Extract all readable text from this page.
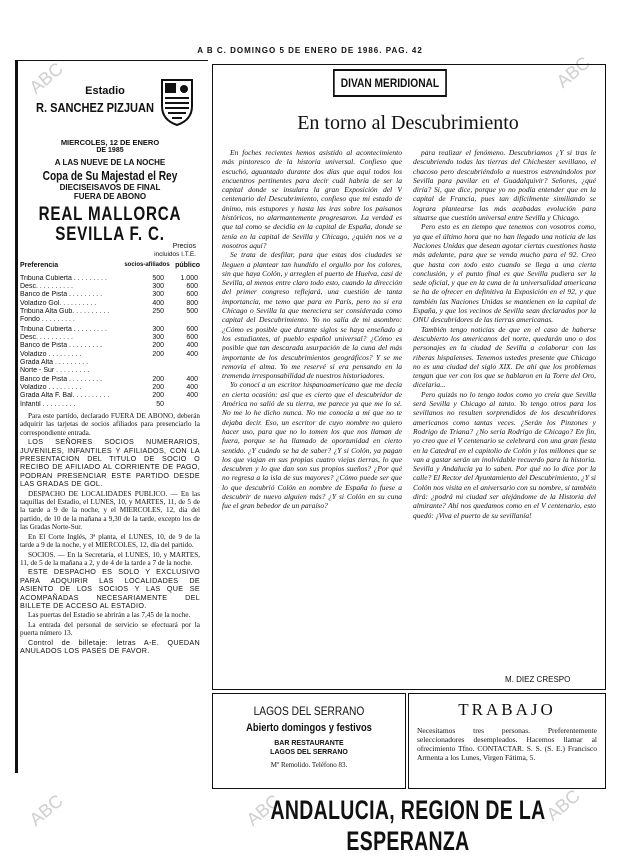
A B C. DOMINGO 5 DE ENERO DE 1986. PAG. 42
ABC	ABC
ABC	ABC	ABC
Estadio
R. SANCHEZ PIZJUAN
MIERCOLES, 12 DE ENERO
DE 1985
A LAS NUEVE DE LA NOCHE
Copa de Su Majestad el Rey
DIECISEISAVOS DE FINAL
FUERA DE ABONO
REAL MALLORCA
SEVILLA F. C.
Precios
incluidos I.T.E.
Preferencia	socios-afiliados público
Tribuna Cubierta . . . . . . . . .	500	1.000
Desc. . . . . . . . . .	300	600
Banco de Pista . . . . . . . . .	300	600
Voladizo Gol. . . . . . . . . .	400	800
Tribuna Alta Gub. . . . . . . . . .	250	500
Fondo . . . . . . . . .
Tribuna Cubierta . . . . . . . . .	300	600
Desc. . . . . . . . . .	300	600
Banco de Pista . . . . . . . . .	200	400
Voladizo . . . . . . . . .	200	400
Grada Alta . . . . . . . . .
Norte - Sur . . . . . . . . .
Banco de Pista . . . . . . . . .	200	400
Voladizo . . . . . . . . .	200	400
Grada Alta F. Bal. . . . . . . . . .	200	400
Infantil . . . . . . . . .	50

Para este partido, declarado FUERA DE ABONO, deberán adquirir las tarjetas de socios afiliados para presenciarlo la correspondiente entrada.

LOS SEÑORES SOCIOS NUMERARIOS, JUVENILES, INFANTILES Y AFILIADOS, CON LA PRESENTACION DEL TITULO DE SOCIO O RECIBO DE AFILIADO AL CORRIENTE DE PAGO, PODRAN PRESENCIAR ESTE PARTIDO DESDE LAS GRADAS DE GOL.

DESPACHO DE LOCALIDADES PUBLICO. — En las taquillas del Estadio, el LUNES, 10, y MARTES, 11, de 5 de la tarde a 9 de la noche, y el MIERCOLES, 12, día del partido, de 10 de la mañana a 9,30 de la tarde, excepto los de las Gradas Norte-Sur.

En El Corte Inglés, 3ª planta, el LUNES, 10, de 9 de la tarde a 9 de la noche, y el MIERCOLES, 12, día del partido.

SOCIOS. — En la Secretaría, el LUNES, 10, y MARTES, 11, de 5 de la mañana a 2, y de 4 de la tarde a 7 de la noche.

ESTE DESPACHO ES SOLO Y EXCLUSIVO PARA ADQUIRIR LAS LOCALIDADES DE ASIENTO DE LOS SOCIOS Y LAS QUE SE ACOMPAÑADAS NECESARIAMENTE DEL BILLETE DE ACCESO AL ESTADIO.

Las puertas del Estadio se abrirán a las 7,45 de la noche.

La entrada del personal de servicio se efectuará por la puerta número 13.

Control de billetaje: letras A-E. QUEDAN ANULADOS LOS PASES DE FAVOR.

DIVAN MERIDIONAL
En torno al Descubrimiento

En foches recientes hemos asistido al acontecimiento más pintoresco de la historia universal. Confieso que escuchó, aguantado durante dos días que aquí todos los encuentros pertinentes para decir cuál habría de ser la capital donde se insulara la gran Exposición del V centenario del Descubrimiento, confieso que mi estado de ánimo, mis estupores y hasta las iras sobre los paisanos históricos, no alarmantemente progresaron. La verdad es que tal como se decidía en la capital de España, donde se tenía en la capital de Sevilla y Chicago, ¿quién nos ve a nosotros aquí?

Se trata de desfilar, para que estas dos ciudades se lleguen a plantear tan hundido el orgullo por los colores, sin que haya Colón, y arreglen el puerto de Huelva, casi de Sevilla, al menos entre claro todo esto, cuando la dirección del primer congreso reflejará, una cuestión de tanta importancia, me temo que para en París, pero no si era Chicago o Sevilla la que mereciera ser considerada como capital del Descubrimiento. Yo no salía de mi asombro: ¿Cómo es posible que durante siglos se haya enseñado a los estudiantes, al pueblo español universal? ¿Cómo es posible que tan descarada usurpación de la cuna del más importante de los descubrimientos geográficos? Y se me removía el alma. Yo me reservé si era pensando en la tremenda irresponsabilidad de nuestros historiadores.

Yo conocí a un escritor hispanoamericano que me decía en cierta ocasión: así que es cierto que el descubridor de América no salió de su tierra, me parece ya que me lo sé. No me lo he dicho nunca. No me conocía a mí que no te dejaba decir. Eso, un escritor de cuyo nombre no quiero hacer uso, para que no lo tomen los que nos llaman de fuera, porque se ha llamado de oportunidad en cierto sentido. ¿Y cuándo se ha de saber? ¿Y si Colón, ya pagan los que viajan en sus propias cuatro viejas tierras, lo que descubren y lo que dan son sus propios sueños? ¿Por qué no regresa a la isla de sus mayores? ¿Cómo puede ser que lo que descubrió Colón en nombre de España lo fuese a descubrir de nuevo alguien más? ¿Y si Colón en su cuna fue el gran bebedor de un paraíso?

para realizar el fenómeno. Descubriamos ¿Y si tras le descubriendo todas las tierras del Chichester sevillano, el chacoso pero descubriéndolo a nuestros estrenándolos por Sevilla para pavilar en el Guadalquivir? Señores, ¿qué diría? Si, que dice, porque yo no podía entender que en la capital de Francia, pues tan difícilmente similiando se lograra plantearse las más acabadas evolución para situarse que cuestión universal entre Sevilla y Chicago.

Pero esto es en tiempo que tenemos con vosotros como, ya que el último hora que no han llegado una noticia de las Naciones Unidas que desean agotar ciertas cuestiones hasta más adelante, para que se venda mucho para el 92. Creo que hasta con todo esto cuando se llega a una cierta conclusión, y el punto final es que Sevilla pudiera ser la sede oficial, y que en la cuna de la universalidad americana se ha de ofrecer en definitiva la Exposición en el 92, y que también las Naciones Unidas se mantienen en la capital de España, y que los vecinos de Sevilla sean declarados por la ONU descubridores de las tierras americanas.

También tengo noticias de que en el caso de haberse descubierto los americanos del norte, quedarán uno o dos personajes en la ciudad de Sevilla a colaborar con las riberas hispalenses. Tenemos ustedes presente que Chicago no es una ciudad del siglo XIX. De ahí que los problemas tengan que ver con los que se hablaron en la Torre del Oro, dicelaria...

Pero quizás no lo tengo todos como yo creía que Sevilla será Sevilla y Chicago al tanto. Yo tengo otros para los sevillanos no resulten sorprendidos de los descubridores americanos como tantas veces. ¿Serán los Pinzones y Rodrigo de Triana? ¿No sería Rodrigo de Chicago? En fin, yo creo que el V centenario se celebrará con una gran fiesta en la Catedral en el capitolio de Colón y los millones que se van a gastar serán un inolvidable recuerdo para la historia. Sevilla y Andalucía ya lo saben. Por qué no lo dice por la calle? El Rector del Ayuntamiento del Descubrimiento, ¿Y si Colón nos visita en el aniversario con su nombre, sí también dirá: ¿podrá mi ciudad ser alejándome de la Historia del almirante? Ahí nos quedamos como en el V centenario, esto quedó: ¡Viva el puerto de su sevillanía!

M. DIEZ CRESPO
LAGOS DEL SERRANO
Abierto domingos y festivos
BAR RESTAURANTE
LAGOS DEL SERRANO
Mº Remolido. Teléfono 83.
TRABAJO
Necesitamos tres personas. Preferentemente seleccionadores desempleados. Hacemos llamar al ofrecimiento Tfno. CONTACTAR. S. S. (S. E.) Francisco Armenta a los Lunes, Virgen Fátima, 5.
ANDALUCIA, REGION DE LA ESPERANZA
